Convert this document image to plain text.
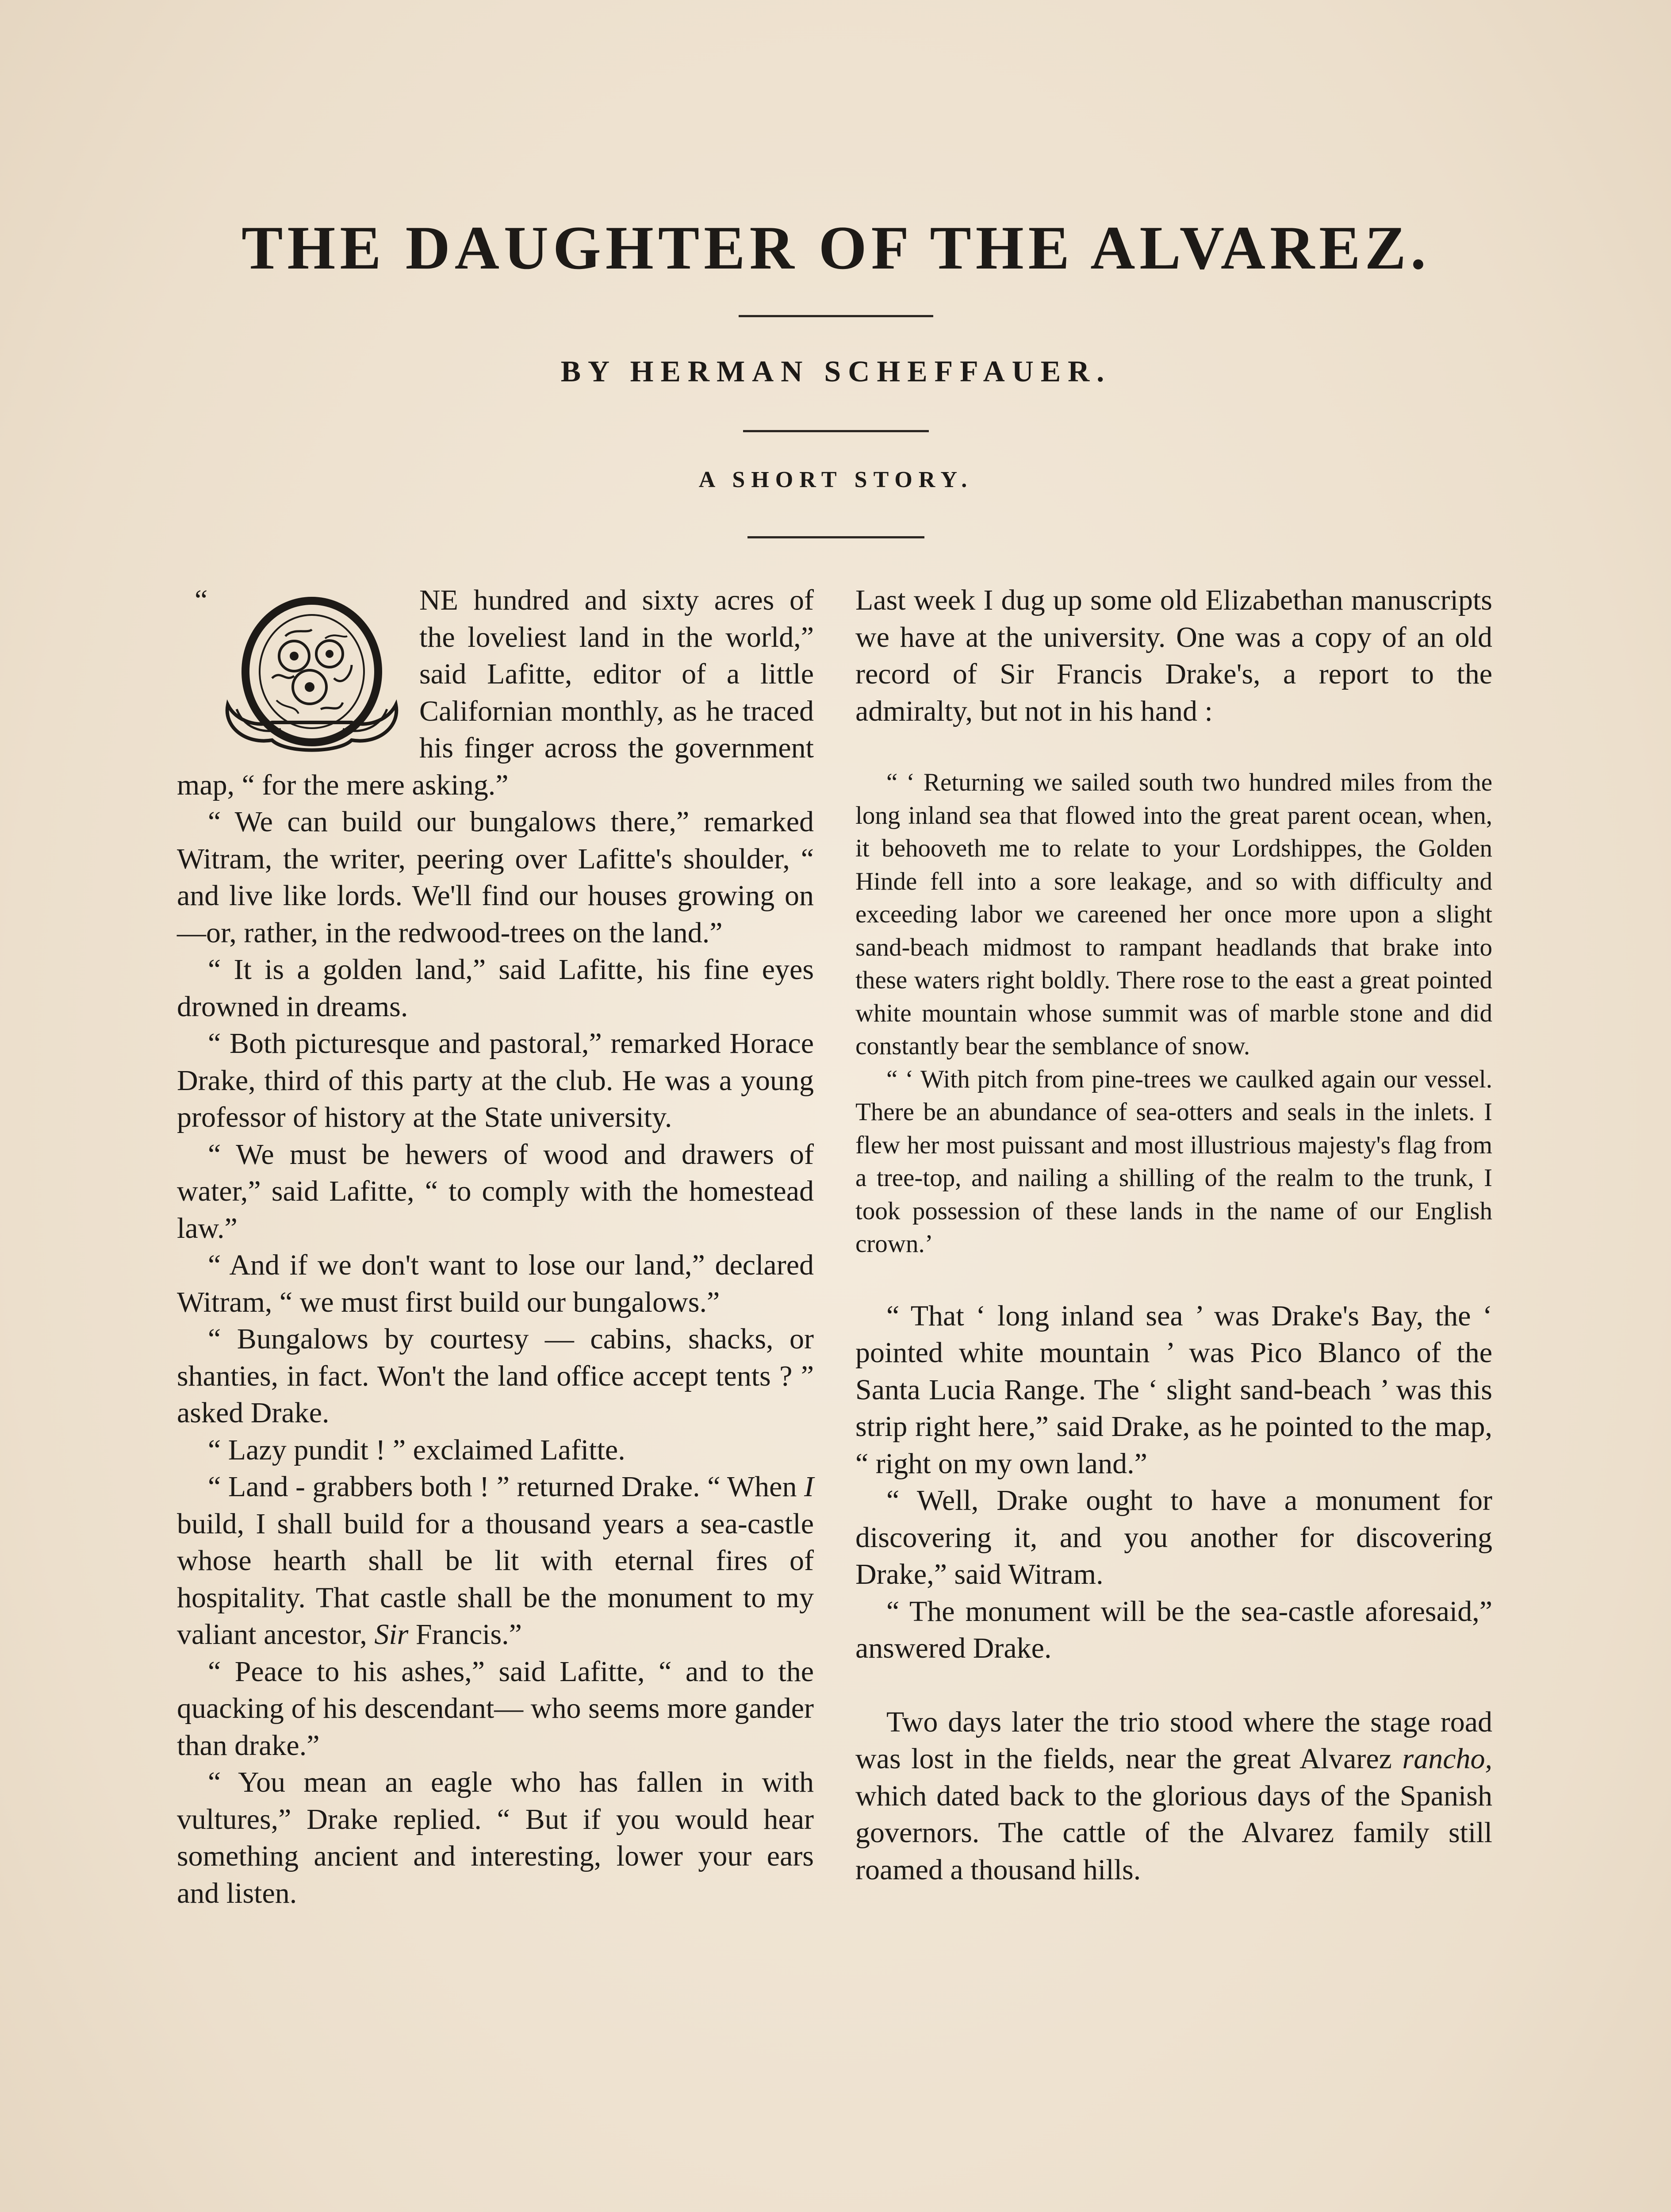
THE DAUGHTER OF THE ALVAREZ.
BY HERMAN SCHEFFAUER.
A SHORT STORY.
“	NE hundred and sixty acres of the loveliest land in the world,” said Lafitte, editor of a little Californian monthly, as he traced his finger across the government map, “ for the mere asking.”

“ We can build our bungalows there,” remarked Witram, the writer, peering over Lafitte's shoulder, “ and live like lords. We'll find our houses growing on —or, rather, in the redwood-trees on the land.”

“ It is a golden land,” said Lafitte, his fine eyes drowned in dreams.

“ Both picturesque and pastoral,” remarked Horace Drake, third of this party at the club. He was a young professor of history at the State university.

“ We must be hewers of wood and drawers of water,” said Lafitte, “ to comply with the homestead law.”

“ And if we don't want to lose our land,” declared Witram, “ we must first build our bungalows.”

“ Bungalows by courtesy — cabins, shacks, or shanties, in fact. Won't the land office accept tents ? ” asked Drake.

“ Lazy pundit ! ” exclaimed Lafitte.

“ Land - grabbers both ! ” returned Drake. “ When I build, I shall build for a thousand years a sea-castle whose hearth shall be lit with eternal fires of hospitality. That castle shall be the monument to my valiant ancestor, Sir Francis.”

“ Peace to his ashes,” said Lafitte, “ and to the quacking of his descendant— who seems more gander than drake.”

“ You mean an eagle who has fallen in with vultures,” Drake replied. “ But if you would hear something ancient and interesting, lower your ears and listen.

Last week I dug up some old Elizabethan manuscripts we have at the university. One was a copy of an old record of Sir Francis Drake's, a report to the admiralty, but not in his hand :

“ ‘ Returning we sailed south two hundred miles from the long inland sea that flowed into the great parent ocean, when, it behooveth me to relate to your Lordshippes, the Golden Hinde fell into a sore leakage, and so with difficulty and exceeding labor we careened her once more upon a slight sand-beach midmost to rampant headlands that brake into these waters right boldly. There rose to the east a great pointed white mountain whose summit was of marble stone and did constantly bear the semblance of snow.

“ ‘ With pitch from pine-trees we caulked again our vessel. There be an abundance of sea-otters and seals in the inlets. I flew her most puissant and most illustrious majesty's flag from a tree-top, and nailing a shilling of the realm to the trunk, I took possession of these lands in the name of our English crown.’

“ That ‘ long inland sea ’ was Drake's Bay, the ‘ pointed white mountain ’ was Pico Blanco of the Santa Lucia Range. The ‘ slight sand-beach ’ was this strip right here,” said Drake, as he pointed to the map, “ right on my own land.”

“ Well, Drake ought to have a monument for discovering it, and you another for discovering Drake,” said Witram.

“ The monument will be the sea-castle aforesaid,” answered Drake.

Two days later the trio stood where the stage road was lost in the fields, near the great Alvarez rancho, which dated back to the glorious days of the Spanish governors. The cattle of the Alvarez family still roamed a thousand hills.
